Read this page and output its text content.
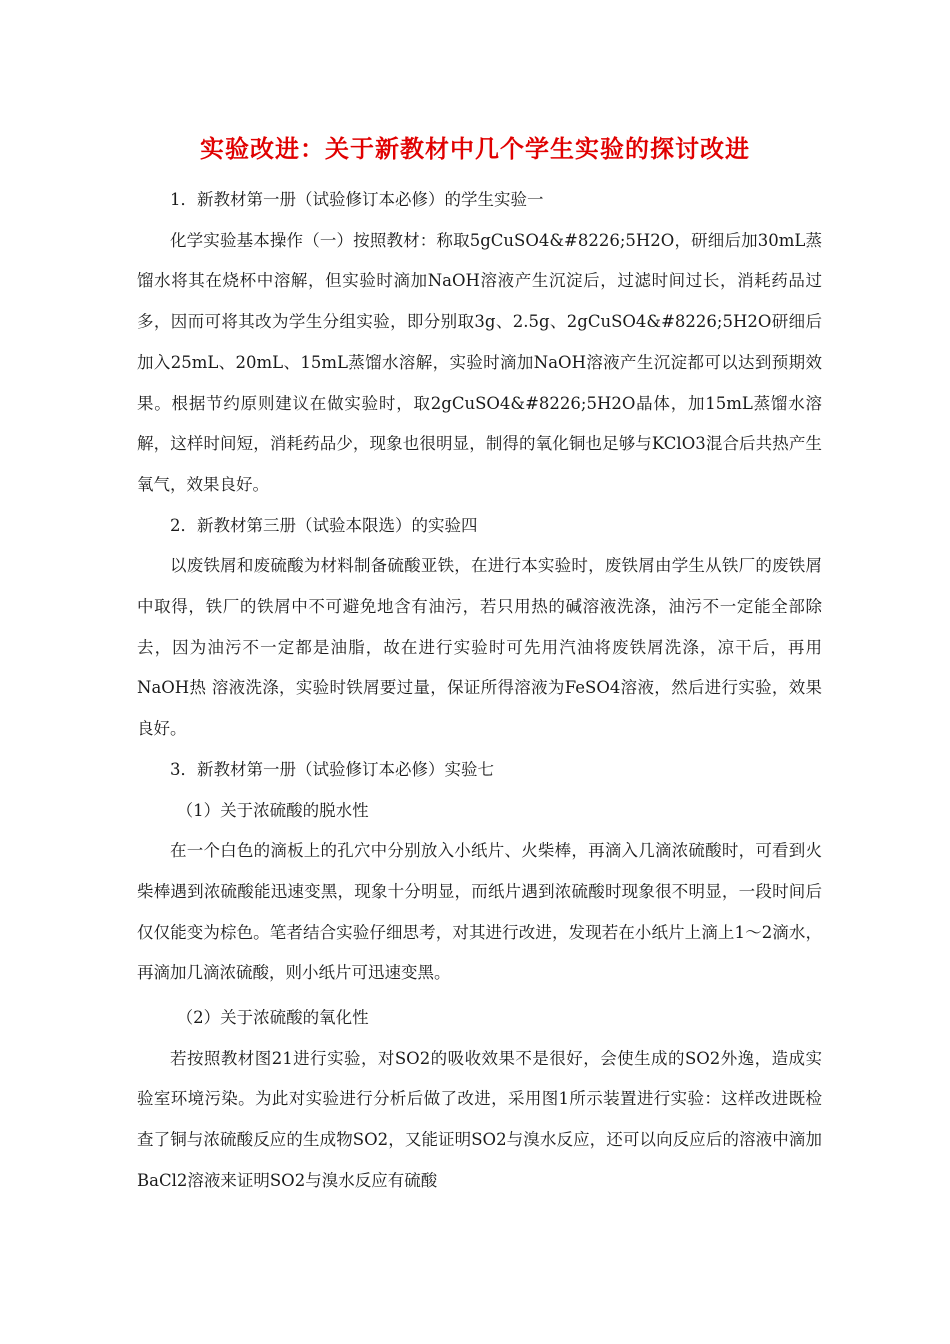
实验改进：关于新教材中几个学生实验的探讨改进

1．新教材第一册（试验修订本必修）的学生实验一

化学实验基本操作（一）按照教材：称取5gCuSO4&#8226;5H2O，研细后加30mL蒸馏水将其在烧杯中溶解，但实验时滴加NaOH溶液产生沉淀后，过滤时间过长，消耗药品过多，因而可将其改为学生分组实验，即分别取3g、2.5g、2gCuSO4&#8226;5H2O研细后加入25mL、20mL、15mL蒸馏水溶解，实验时滴加NaOH溶液产生沉淀都可以达到预期效果。根据节约原则建议在做实验时，取2gCuSO4&#8226;5H2O晶体，加15mL蒸馏水溶解，这样时间短，消耗药品少，现象也很明显，制得的氧化铜也足够与KClO3混合后共热产生氧气，效果良好。

2．新教材第三册（试验本限选）的实验四

以废铁屑和废硫酸为材料制备硫酸亚铁，在进行本实验时，废铁屑由学生从铁厂的废铁屑中取得，铁厂的铁屑中不可避免地含有油污，若只用热的碱溶液洗涤，油污不一定能全部除去，因为油污不一定都是油脂，故在进行实验时可先用汽油将废铁屑洗涤，凉干后，再用NaOH热 溶液洗涤，实验时铁屑要过量，保证所得溶液为FeSO4溶液，然后进行实验，效果良好。

3．新教材第一册（试验修订本必修）实验七

（1）关于浓硫酸的脱水性

在一个白色的滴板上的孔穴中分别放入小纸片、火柴棒，再滴入几滴浓硫酸时，可看到火柴棒遇到浓硫酸能迅速变黑，现象十分明显，而纸片遇到浓硫酸时现象很不明显，一段时间后仅仅能变为棕色。笔者结合实验仔细思考，对其进行改进，发现若在小纸片上滴上1～2滴水，再滴加几滴浓硫酸，则小纸片可迅速变黑。

（2）关于浓硫酸的氧化性

若按照教材图21进行实验，对SO2的吸收效果不是很好，会使生成的SO2外逸，造成实验室环境污染。为此对实验进行分析后做了改进，采用图1所示装置进行实验：这样改进既检查了铜与浓硫酸反应的生成物SO2，又能证明SO2与溴水反应，还可以向反应后的溶液中滴加BaCl2溶液来证明SO2与溴水反应有硫酸
